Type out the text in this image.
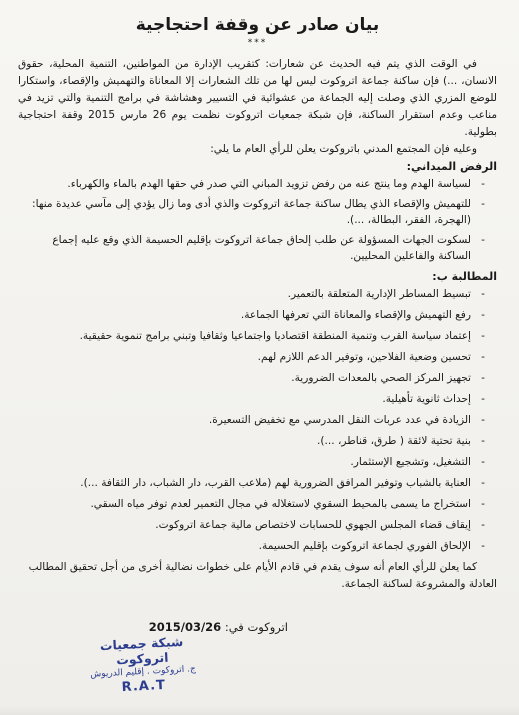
بيان صادر عن وقفة احتجاجية
***

في الوقت الذي يتم فيه الحديث عن شعارات: كتقريب الإدارة من المواطنين، التنمية المحلية، حقوق الانسان، ...) فإن ساكنة جماعة اتروكوت ليس لها من تلك الشعارات إلا المعاناة والتهميش والإقصاء، واستكارا للوضع المزري الذي وصلت إليه الجماعة من عشوائية في التسيير وهشاشة في برامج التنمية والتي تزيد في مناعب وعدم استقرار الساكنة، فإن شبكة جمعيات اتروكوت نظمت يوم 26 مارس 2015 وقفة احتجاجية بطولية.

وعليه فإن المجتمع المدني باتروكوت يعلن للرأي العام ما يلي:

الرفض الميداني:

-
لسياسة الهدم وما ينتج عنه من رفض تزويد المباني التي صدر في حقها الهدم بالماء والكهرباء.
-
للتهميش والإقصاء الذي يطال ساكنة جماعة اتروكوت والذي أدى وما زال يؤدي إلى مآسي عديدة منها: (الهجرة، الفقر، البطالة، ...).
-
لسكوت الجهات المسؤولة عن طلب إلحاق جماعة اتروكوت بإقليم الحسيمة الذي وقع عليه إجماع الساكنة والفاعلين المحليين.

المطالبة ب:

-
تبسيط المساطر الإدارية المتعلقة بالتعمير.
-
رفع التهميش والإقصاء والمعاناة التي تعرفها الجماعة.
-
إعتماد سياسة القرب وتنمية المنطقة اقتصاديا واجتماعيا وثقافيا وتبني برامج تنموية حقيقية.
-
تحسين وضعية الفلاحين، وتوفير الدعم اللازم لهم.
-
تجهيز المركز الصحي بالمعدات الضرورية.
-
إحداث ثانوية تأهيلية.
-
الزيادة في عدد عربات النقل المدرسي مع تخفيض التسعيرة.
-
بنية تحتية لائقة ( طرق، قناطر، ...).
-
التشغيل، وتشجيع الإستثمار.
-
العناية بالشباب وتوفير المرافق الضرورية لهم (ملاعب القرب، دار الشباب، دار الثقافة ...).
-
استخراج ما يسمى بالمحيط السقوي لاستغلاله في مجال التعمير لعدم توفر مياه السقي.
-
إيقاف قضاء المجلس الجهوي للحسابات لاختصاص مالية جماعة اتروكوت.
-
الإلحاق الفوري لجماعة اتروكوت بإقليم الحسيمة.

كما يعلن للرأي العام أنه سوف يقدم في قادم الأيام على خطوات نضالية أخرى من أجل تحقيق المطالب العادلة والمشروعة لساكنة الجماعة.

اتروكوت في: 2015/03/26
شبكة جمعيات اتروكوت
ج. اتروكوت . إقليم الدريوش
R.A.T
